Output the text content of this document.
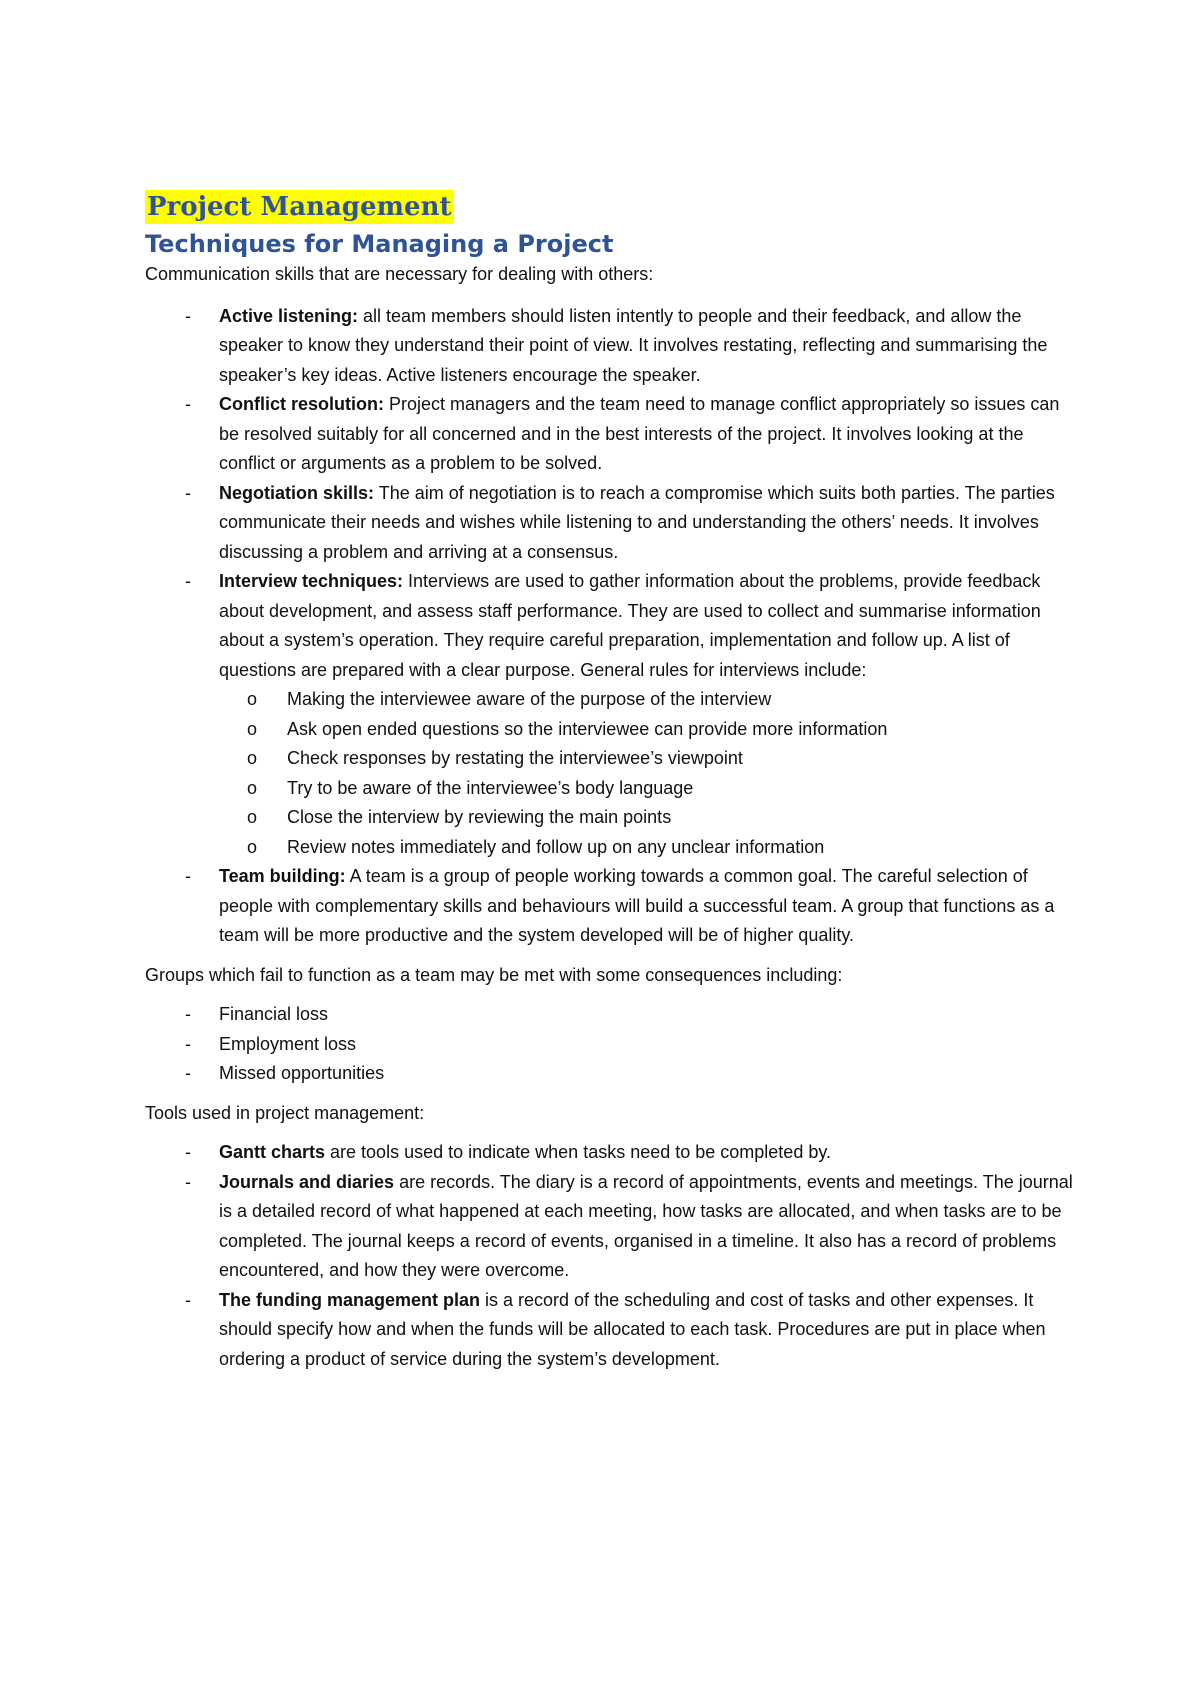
Project Management
Techniques for Managing a Project

Communication skills that are necessary for dealing with others:

- Active listening: all team members should listen intently to people and their feedback, and allow the speaker to know they understand their point of view. It involves restating, reflecting and summarising the speaker’s key ideas. Active listeners encourage the speaker.
- Conflict resolution: Project managers and the team need to manage conflict appropriately so issues can be resolved suitably for all concerned and in the best interests of the project. It involves looking at the conflict or arguments as a problem to be solved.
- Negotiation skills: The aim of negotiation is to reach a compromise which suits both parties. The parties communicate their needs and wishes while listening to and understanding the others’ needs. It involves discussing a problem and arriving at a consensus.
- Interview techniques: Interviews are used to gather information about the problems, provide feedback about development, and assess staff performance. They are used to collect and summarise information about a system’s operation. They require careful preparation, implementation and follow up. A list of questions are prepared with a clear purpose. General rules for interviews include:
o Making the interviewee aware of the purpose of the interview
o Ask open ended questions so the interviewee can provide more information
o Check responses by restating the interviewee’s viewpoint
o Try to be aware of the interviewee’s body language
o Close the interview by reviewing the main points
o Review notes immediately and follow up on any unclear information
- Team building: A team is a group of people working towards a common goal. The careful selection of people with complementary skills and behaviours will build a successful team. A group that functions as a team will be more productive and the system developed will be of higher quality.

Groups which fail to function as a team may be met with some consequences including:

- Financial loss
- Employment loss
- Missed opportunities

Tools used in project management:

- Gantt charts are tools used to indicate when tasks need to be completed by.
- Journals and diaries are records. The diary is a record of appointments, events and meetings. The journal is a detailed record of what happened at each meeting, how tasks are allocated, and when tasks are to be completed. The journal keeps a record of events, organised in a timeline. It also has a record of problems encountered, and how they were overcome.
- The funding management plan is a record of the scheduling and cost of tasks and other expenses. It should specify how and when the funds will be allocated to each task. Procedures are put in place when ordering a product of service during the system’s development.
